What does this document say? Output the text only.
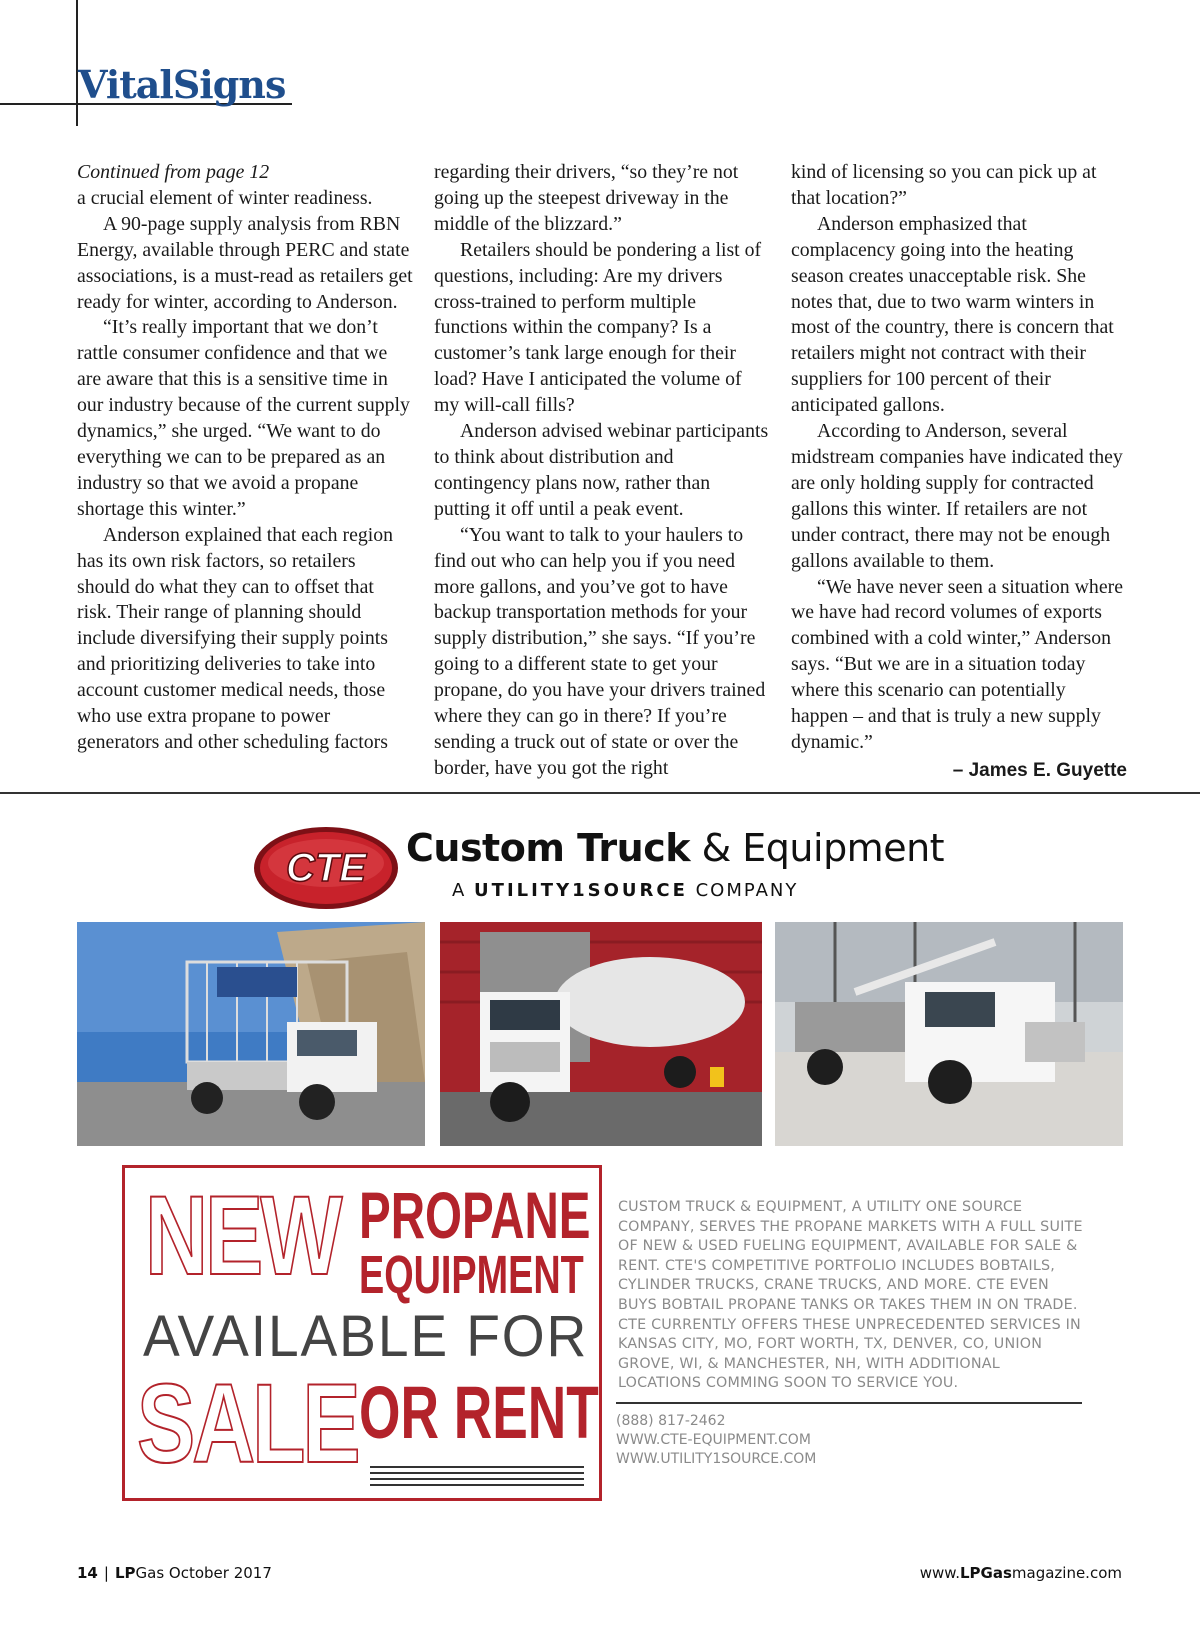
VitalSigns

Continued from page 12

a crucial element of winter readiness.

A 90-page supply analysis from RBN Energy, available through PERC and state associations, is a must-read as retailers get ready for winter, according to Anderson.

“It’s really important that we don’t rattle consumer confidence and that we are aware that this is a sensitive time in our industry because of the current supply dynamics,” she urged. “We want to do everything we can to be prepared as an industry so that we avoid a propane shortage this winter.”

Anderson explained that each region has its own risk factors, so retailers should do what they can to offset that risk. Their range of planning should include diversifying their supply points and prioritizing deliveries to take into account customer medical needs, those who use extra propane to power generators and other scheduling factors

regarding their drivers, “so they’re not going up the steepest driveway in the middle of the blizzard.”

Retailers should be pondering a list of questions, including: Are my drivers cross-trained to perform multiple functions within the company? Is a customer’s tank large enough for their load? Have I anticipated the volume of my will-call fills?

Anderson advised webinar participants to think about distribution and contingency plans now, rather than putting it off until a peak event.

“You want to talk to your haulers to find out who can help you if you need more gallons, and you’ve got to have backup transportation methods for your supply distribution,” she says. “If you’re going to a different state to get your propane, do you have your drivers trained where they can go in there? If you’re sending a truck out of state or over the border, have you got the right

kind of licensing so you can pick up at that location?”

Anderson emphasized that complacency going into the heating season creates unacceptable risk. She notes that, due to two warm winters in most of the country, there is concern that retailers might not contract with their suppliers for 100 percent of their anticipated gallons.

According to Anderson, several midstream companies have indicated they are only holding supply for contracted gallons this winter. If retailers are not under contract, there may not be enough gallons available to them.

“We have never seen a situation where we have had record volumes of exports combined with a cold winter,” Anderson says. “But we are in a situation today where this scenario can potentially happen – and that is truly a new supply dynamic.”

– James E. Guyette
CTE Custom Truck & Equipment
A UTILITY1SOURCE COMPANY
NEW PROPANE
EQUIPMENT
AVAILABLE FOR
SALE OR RENT
CUSTOM TRUCK & EQUIPMENT, A UTILITY ONE SOURCE COMPANY, SERVES THE PROPANE MARKETS WITH A FULL SUITE OF NEW & USED FUELING EQUIPMENT, AVAILABLE FOR SALE & RENT. CTE'S COMPETITIVE PORTFOLIO INCLUDES BOBTAILS, CYLINDER TRUCKS, CRANE TRUCKS, AND MORE. CTE EVEN BUYS BOBTAIL PROPANE TANKS OR TAKES THEM IN ON TRADE. CTE CURRENTLY OFFERS THESE UNPRECEDENTED SERVICES IN KANSAS CITY, MO, FORT WORTH, TX, DENVER, CO, UNION GROVE, WI, & MANCHESTER, NH, WITH ADDITIONAL LOCATIONS COMMING SOON TO SERVICE YOU.
(888) 817-2462
WWW.CTE-EQUIPMENT.COM
WWW.UTILITY1SOURCE.COM
14 | LPGas October 2017	www.LPGasmagazine.com
